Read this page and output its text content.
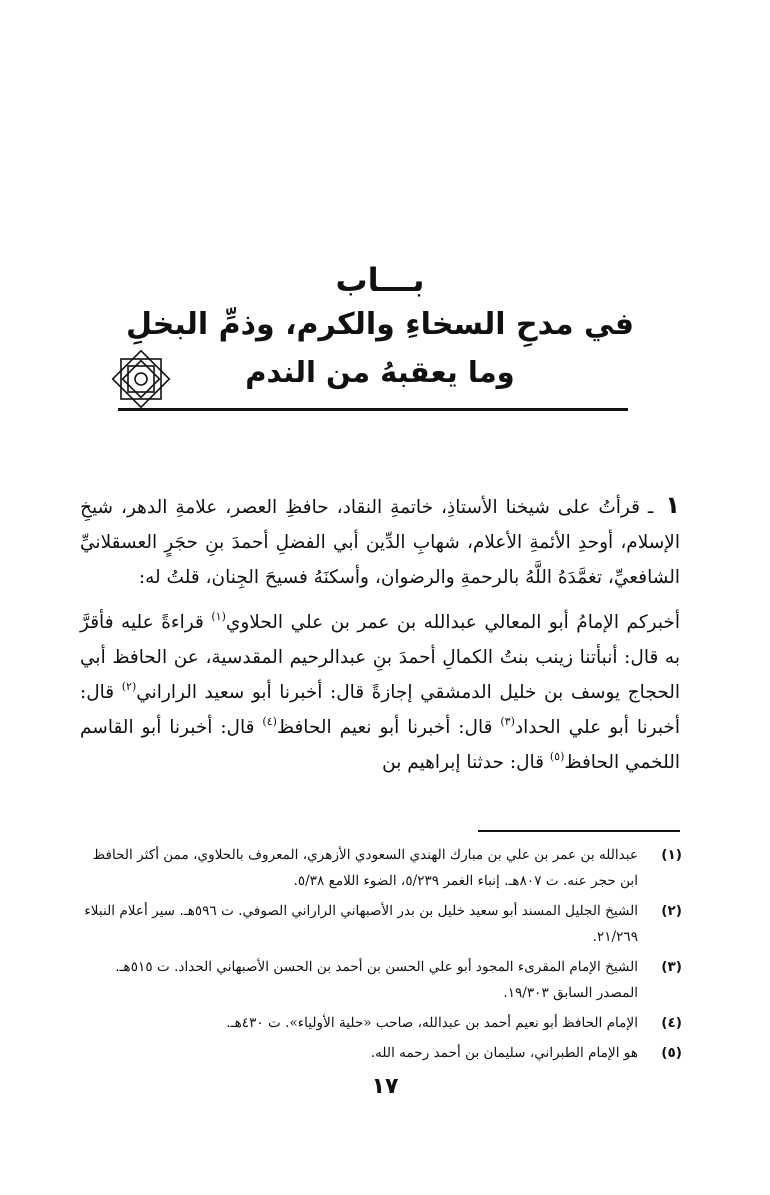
بـــاب
في مدحِ السخاءِ والكرم، وذمِّ البخلِ
وما يعقبهُ من الندم

١ ـ قرأتُ على شيخنا الأستاذِ، خاتمةِ النقاد، حافظِ العصر، علامةِ الدهر، شيخِ الإسلام، أوحدِ الأئمةِ الأعلام، شهابِ الدِّين أبي الفضلِ أحمدَ بنِ حجَرٍ العسقلانيِّ الشافعيِّ، تغمَّدَهُ اللَّهُ بالرحمةِ والرضوان، وأسكنَهُ فسيحَ الجِنان، قلتُ له:

أخبركم الإمامُ أبو المعالي عبدالله بن عمر بن علي الحلاوي$^{(١)}$ قراءةً عليه فأقرَّ به قال: أنبأتنا زينب بنتُ الكمالِ أحمدَ بنِ عبدالرحيم المقدسية، عن الحافظ أبي الحجاج يوسف بن خليل الدمشقي إجازةً قال: أخبرنا أبو سعيد الراراني$^{(٢)}$ قال: أخبرنا أبو علي الحداد$^{(٣)}$ قال: أخبرنا أبو نعيم الحافظ$^{(٤)}$ قال: أخبرنا أبو القاسم اللخمي الحافظ$^{(٥)}$ قال: حدثنا إبراهيم بن

(١)
عبدالله بن عمر بن علي بن مبارك الهندي السعودي الأزهري، المعروف بالحلاوي، ممن أكثر الحافظ ابن حجر عنه. ت ٨٠٧هـ. إنباء الغمر ٥/٢٣٩، الضوء اللامع ٥/٣٨.
(٢)
الشيخ الجليل المسند أبو سعيد خليل بن بدر الأصبهاني الراراني الصوفي. ت ٥٩٦هـ. سير أعلام النبلاء ٢١/٢٦٩.
(٣)
الشيخ الإمام المقرىء المجود أبو علي الحسن بن أحمد بن الحسن الأصبهاني الحداد. ت ٥١٥هـ. المصدر السابق ١٩/٣٠٣.
(٤)
الإمام الحافظ أبو نعيم أحمد بن عبدالله، صاحب «حلية الأولياء». ت ٤٣٠هـ.
(٥)
هو الإمام الطبراني، سليمان بن أحمد رحمه الله.
١٧
